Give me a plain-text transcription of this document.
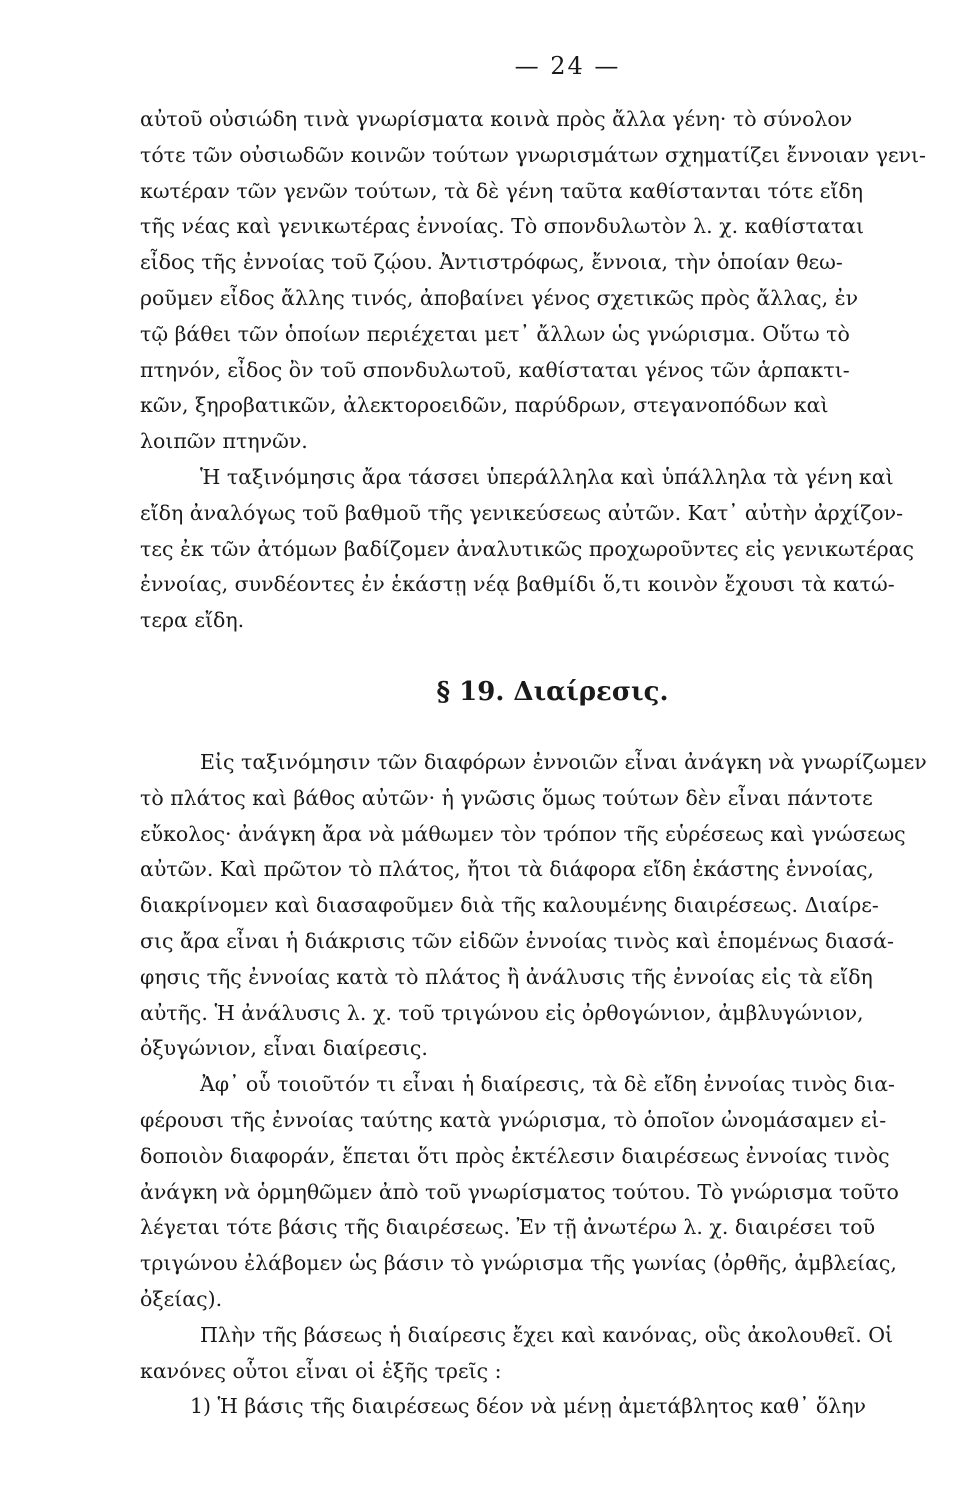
— 24 —

αὐτοῦ οὐσιώδη τινὰ γνωρίσματα κοινὰ πρὸς ἄλλα γένη· τὸ σύνολον
τότε τῶν οὐσιωδῶν κοινῶν τούτων γνωρισμάτων σχηματίζει ἔννοιαν γενι-
κωτέραν τῶν γενῶν τούτων, τὰ δὲ γένη ταῦτα καθίστανται τότε εἴδη
τῆς νέας καὶ γενικωτέρας ἐννοίας. Τὸ σπονδυλωτὸν λ. χ. καθίσταται
εἶδος τῆς ἐννοίας τοῦ ζῴου. Ἀντιστρόφως, ἔννοια, τὴν ὁποίαν θεω-
ροῦμεν εἶδος ἄλλης τινός, ἀποβαίνει γένος σχετικῶς πρὸς ἄλλας, ἐν
τῷ βάθει τῶν ὁποίων περιέχεται μετ᾽ ἄλλων ὡς γνώρισμα. Οὕτω τὸ
πτηνόν, εἶδος ὂν τοῦ σπονδυλωτοῦ, καθίσταται γένος τῶν ἁρπακτι-
κῶν, ξηροβατικῶν, ἀλεκτοροειδῶν, παρύδρων, στεγανοπόδων καὶ
λοιπῶν πτηνῶν.

Ἡ ταξινόμησις ἄρα τάσσει ὑπεράλληλα καὶ ὑπάλληλα τὰ γένη καὶ
εἴδη ἀναλόγως τοῦ βαθμοῦ τῆς γενικεύσεως αὐτῶν. Κατ᾽ αὐτὴν ἀρχίζον-
τες ἐκ τῶν ἀτόμων βαδίζομεν ἀναλυτικῶς προχωροῦντες εἰς γενικωτέρας
ἐννοίας, συνδέοντες ἐν ἑκάστῃ νέᾳ βαθμίδι ὅ,τι κοινὸν ἔχουσι τὰ κατώ-
τερα εἴδη.

§ 19. Διαίρεσις.

Εἰς ταξινόμησιν τῶν διαφόρων ἐννοιῶν εἶναι ἀνάγκη νὰ γνωρίζωμεν
τὸ πλάτος καὶ βάθος αὐτῶν· ἡ γνῶσις ὅμως τούτων δὲν εἶναι πάντοτε
εὔκολος· ἀνάγκη ἄρα νὰ μάθωμεν τὸν τρόπον τῆς εὑρέσεως καὶ γνώσεως
αὐτῶν. Καὶ πρῶτον τὸ πλάτος, ἤτοι τὰ διάφορα εἴδη ἑκάστης ἐννοίας,
διακρίνομεν καὶ διασαφοῦμεν διὰ τῆς καλουμένης διαιρέσεως. Διαίρε-
σις ἄρα εἶναι ἡ διάκρισις τῶν εἰδῶν ἐννοίας τινὸς καὶ ἑπομένως διασά-
φησις τῆς ἐννοίας κατὰ τὸ πλάτος ἢ ἀνάλυσις τῆς ἐννοίας εἰς τὰ εἴδη
αὐτῆς. Ἡ ἀνάλυσις λ. χ. τοῦ τριγώνου εἰς ὀρθογώνιον, ἀμβλυγώνιον,
ὀξυγώνιον, εἶναι διαίρεσις.

Ἀφ᾽ οὗ τοιοῦτόν τι εἶναι ἡ διαίρεσις, τὰ δὲ εἴδη ἐννοίας τινὸς δια-
φέρουσι τῆς ἐννοίας ταύτης κατὰ γνώρισμα, τὸ ὁποῖον ὠνομάσαμεν εἰ-
δοποιὸν διαφοράν, ἕπεται ὅτι πρὸς ἐκτέλεσιν διαιρέσεως ἐννοίας τινὸς
ἀνάγκη νὰ ὁρμηθῶμεν ἀπὸ τοῦ γνωρίσματος τούτου. Τὸ γνώρισμα τοῦτο
λέγεται τότε βάσις τῆς διαιρέσεως. Ἐν τῇ ἀνωτέρω λ. χ. διαιρέσει τοῦ
τριγώνου ἐλάβομεν ὡς βάσιν τὸ γνώρισμα τῆς γωνίας (ὀρθῆς, ἀμβλείας,
ὀξείας).

Πλὴν τῆς βάσεως ἡ διαίρεσις ἔχει καὶ κανόνας, οὓς ἀκολουθεῖ. Οἱ
κανόνες οὗτοι εἶναι οἱ ἑξῆς τρεῖς :

1) Ἡ βάσις τῆς διαιρέσεως δέον νὰ μένῃ ἀμετάβλητος καθ᾽ ὅλην
